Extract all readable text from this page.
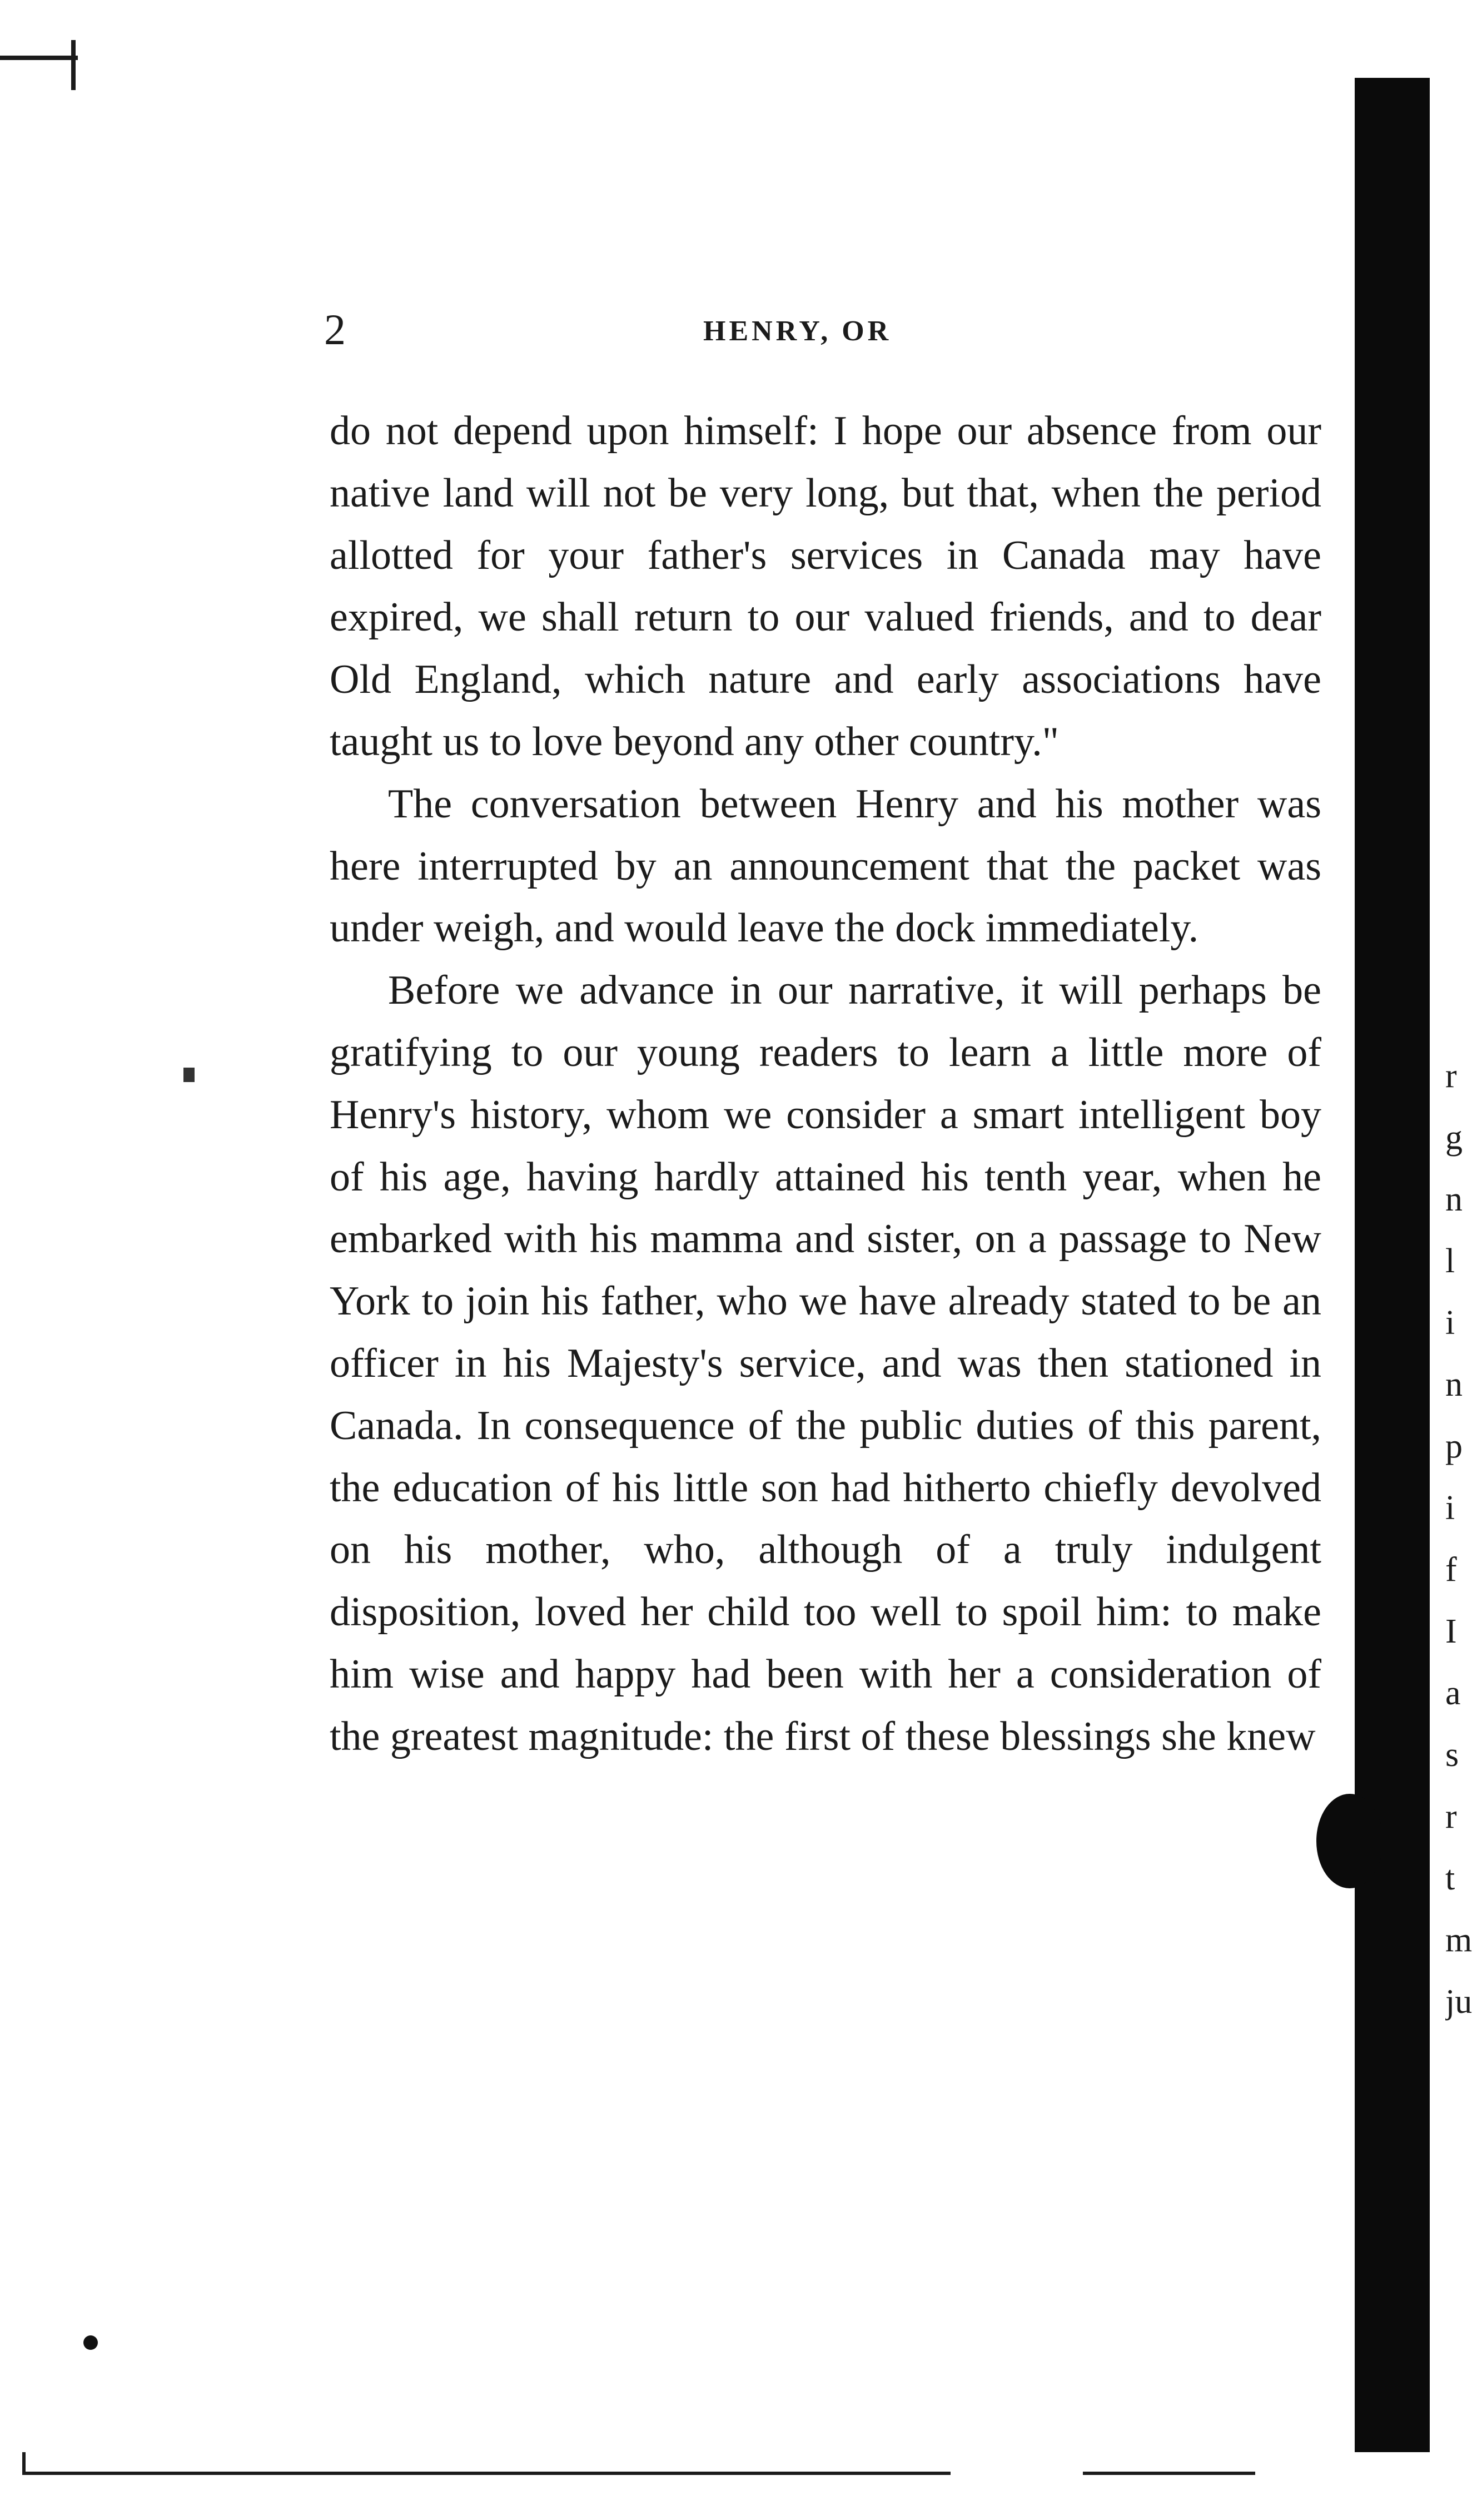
2	HENRY, OR

do not depend upon himself: I hope our absence from our native land will not be very long, but that, when the period allotted for your father's services in Canada may have expired, we shall return to our valued friends, and to dear Old England, which nature and early associations have taught us to love beyond any other country."

The conversation between Henry and his mother was here interrupted by an announcement that the packet was under weigh, and would leave the dock immediately.

Before we advance in our narrative, it will perhaps be gratifying to our young readers to learn a little more of Henry's history, whom we consider a smart intelligent boy of his age, having hardly attained his tenth year, when he embarked with his mamma and sister, on a passage to New York to join his father, who we have already stated to be an officer in his Majesty's service, and was then stationed in Canada. In consequence of the public duties of this parent, the education of his little son had hitherto chiefly devolved on his mother, who, although of a truly indulgent disposition, loved her child too well to spoil him: to make him wise and happy had been with her a consideration of the greatest magnitude: the first of these blessings she knew

r
g
n
l
i
n
p
i
f
I
a
s
r
t
m
ju
